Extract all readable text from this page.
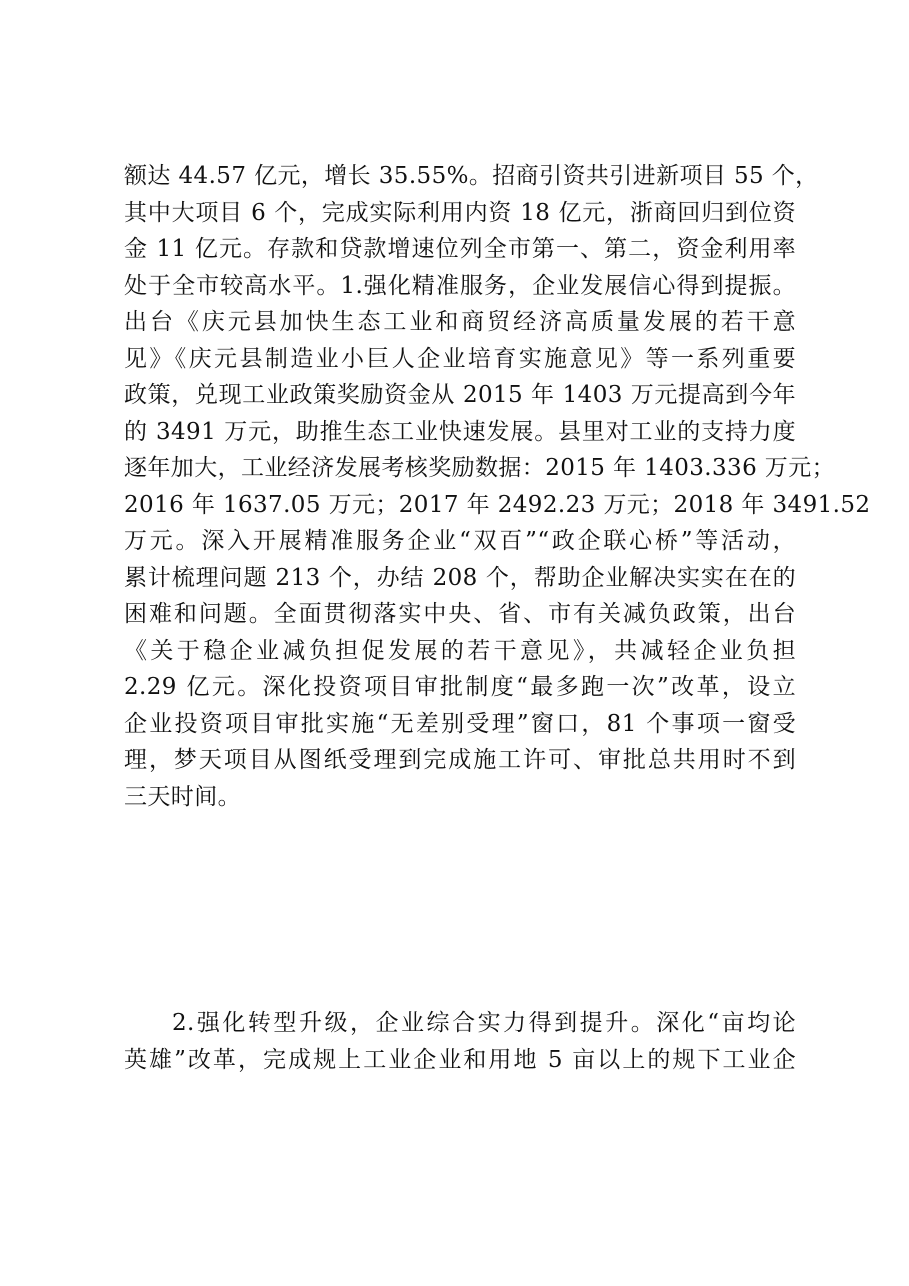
额达 44.57 亿元，增长 35.55%。招商引资共引进新项目 55 个，
其中大项目 6 个，完成实际利用内资 18 亿元，浙商回归到位资
金 11 亿元。存款和贷款增速位列全市第一、第二，资金利用率
处于全市较高水平。1.强化精准服务，企业发展信心得到提振。
出台《庆元县加快生态工业和商贸经济高质量发展的若干意
见》《庆元县制造业小巨人企业培育实施意见》等一系列重要
政策，兑现工业政策奖励资金从 2015 年 1403 万元提高到今年
的 3491 万元，助推生态工业快速发展。县里对工业的支持力度
逐年加大，工业经济发展考核奖励数据：2015 年 1403.336 万元；
2016 年 1637.05 万元；2017 年 2492.23 万元；2018 年 3491.52
万元。深入开展精准服务企业“双百”“政企联心桥”等活动，
累计梳理问题 213 个，办结 208 个，帮助企业解决实实在在的
困难和问题。全面贯彻落实中央、省、市有关减负政策，出台
《关于稳企业减负担促发展的若干意见》，共减轻企业负担
2.29 亿元。深化投资项目审批制度“最多跑一次”改革，设立
企业投资项目审批实施“无差别受理”窗口，81 个事项一窗受
理，梦天项目从图纸受理到完成施工许可、审批总共用时不到
三天时间。
2.强化转型升级，企业综合实力得到提升。深化“亩均论
英雄”改革，完成规上工业企业和用地 5 亩以上的规下工业企
